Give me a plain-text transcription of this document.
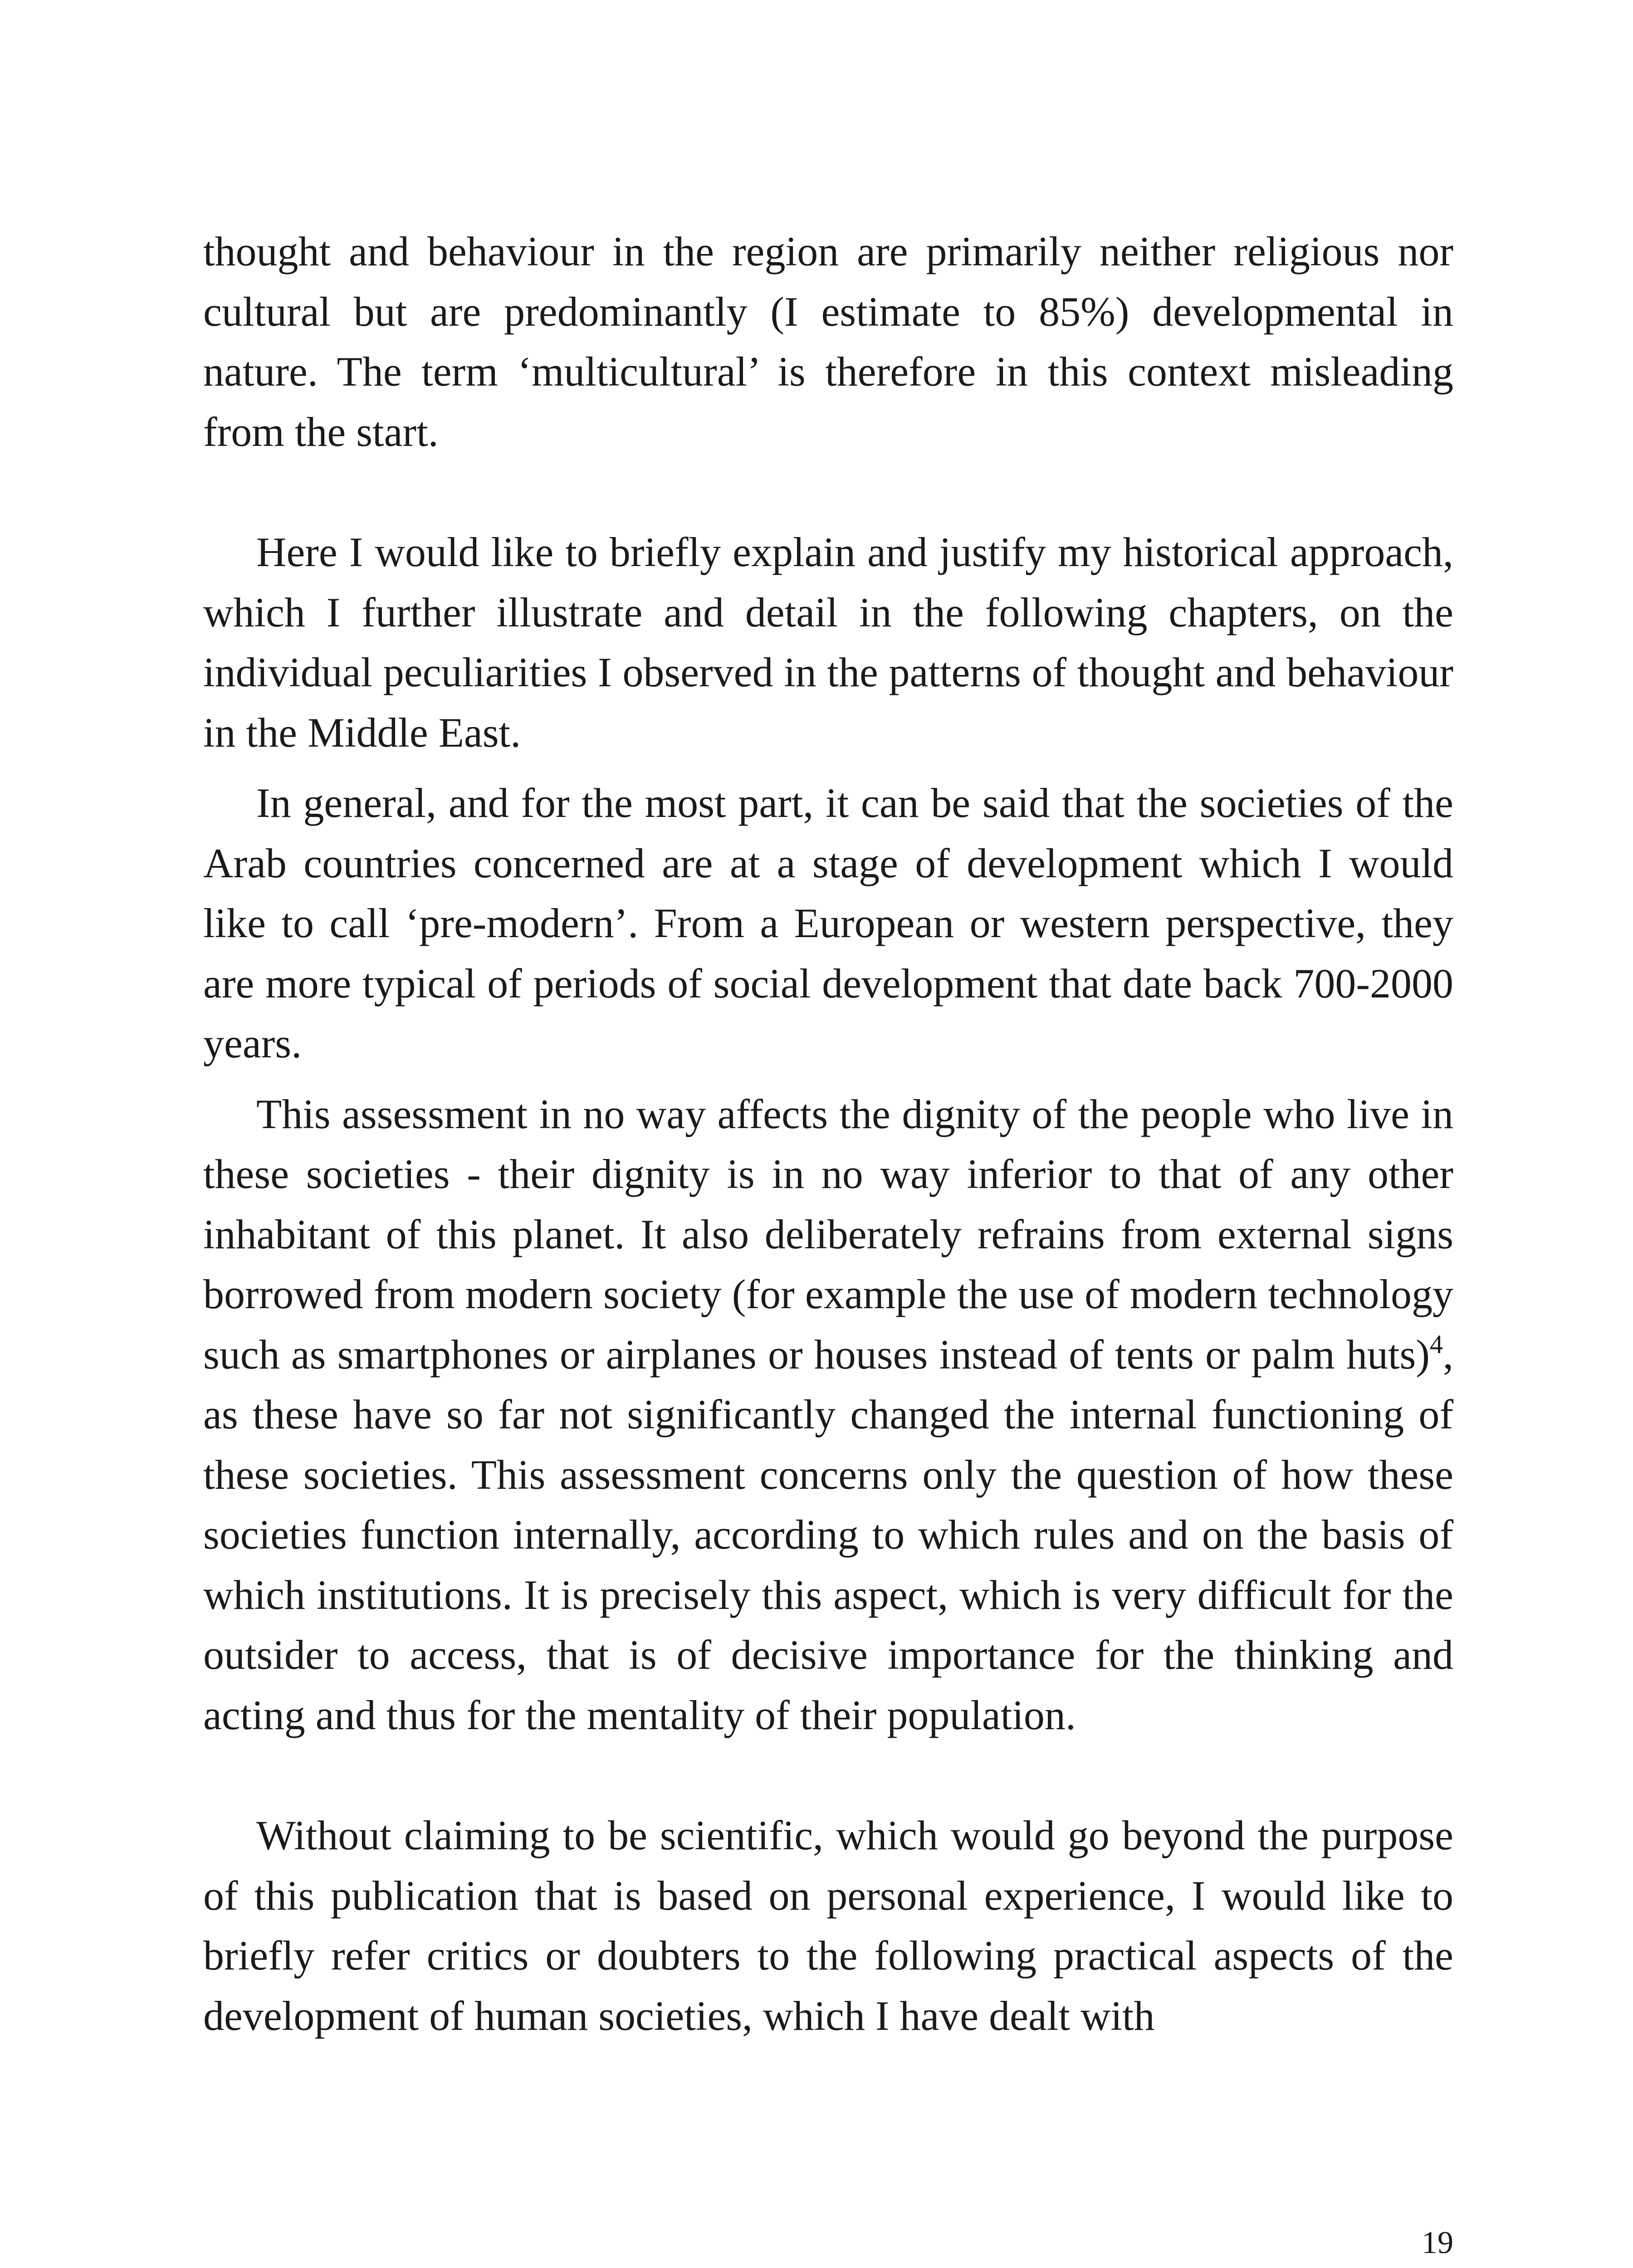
thought and behaviour in the region are primarily neither religious nor cultural but are predominantly (I estimate to 85%) developmental in nature. The term ‘multicultural’ is therefore in this context misleading from the start.

Here I would like to briefly explain and justify my historical approach, which I further illustrate and detail in the following chapters, on the individual peculiarities I observed in the patterns of thought and behaviour in the Middle East.

In general, and for the most part, it can be said that the societies of the Arab countries concerned are at a stage of development which I would like to call ‘pre-modern’. From a European or western perspective, they are more typical of periods of social development that date back 700-2000 years.

This assessment in no way affects the dignity of the people who live in these societies - their dignity is in no way inferior to that of any other inhabitant of this planet. It also deliberately refrains from external signs borrowed from modern society (for example the use of modern technology such as smartphones or airplanes or houses instead of tents or palm huts)$^4$, as these have so far not significantly changed the internal functioning of these societies. This assessment concerns only the question of how these societies function internally, according to which rules and on the basis of which institutions. It is precisely this aspect, which is very difficult for the outsider to access, that is of decisive importance for the thinking and acting and thus for the mentality of their population.

Without claiming to be scientific, which would go beyond the purpose of this publication that is based on personal experience, I would like to briefly refer critics or doubters to the following practical aspects of the development of human societies, which I have dealt with

19
